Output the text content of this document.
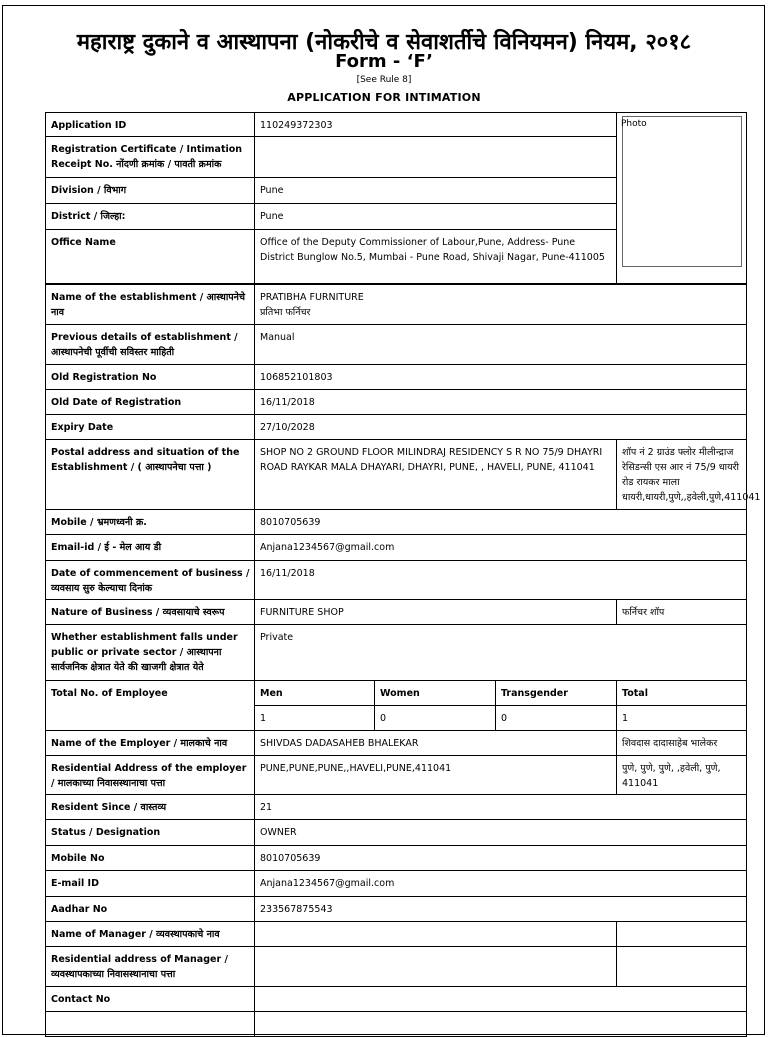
महाराष्ट्र दुकाने व आस्थापना (नोकरीचे व सेवाशर्तीचे विनियमन) नियम, २०१८
Form - ‘F’
[See Rule 8]
APPLICATION FOR INTIMATION
Application ID	110249372303	
Registration Certificate / Intimation Receipt No. नोंदणी क्रमांक / पावती क्रमांक		
Division / विभाग	Pune	
District / जिल्हा:	Pune	
Office Name	Office of the Deputy Commissioner of Labour,Pune, Address- Pune District Bunglow No.5, Mumbai - Pune Road, Shivaji Nagar, Pune-411005	
Photo
Name of the establishment / आस्थापनेचे नाव	PRATIBHA FURNITURE
प्रतिभा फर्निचर			

Previous details of establishment / आस्थापनेची पूर्वीची सविस्तर माहिती	Manual			
Old Registration No	106852101803			
Old Date of Registration	16/11/2018			
Expiry Date	27/10/2028			
Postal address and situation of the Establishment / ( आस्थापनेचा पत्ता )	SHOP NO 2 GROUND FLOOR MILINDRAJ RESIDENCY S R NO 75/9 DHAYRI ROAD RAYKAR MALA DHAYARI, DHAYRI, PUNE, , HAVELI, PUNE, 411041			शॉप नं 2 ग्राउंड फ्लोर मीलीन्द्राज रेसिडन्सी एस आर नं 75/9 धायरी रोड रायकर माला धायरी,धायरी,पुणे,,हवेली,पुणे,411041
Mobile / भ्रमणध्वनी क्र.	8010705639			
Email-id / ई - मेल आय डी	Anjana1234567@gmail.com			
Date of commencement of business / व्यवसाय सुरु केल्याचा दिनांक	16/11/2018			
Nature of Business / व्यवसायाचे स्वरूप	FURNITURE SHOP			फर्निचर शॉप
Whether establishment falls under public or private sector / आस्थापना सार्वजनिक क्षेत्रात येते की खाजगी क्षेत्रात येते	Private			
Total No. of Employee	Men	Women	Transgender	Total
	1	0	0	1
Name of the Employer / मालकाचे नाव	SHIVDAS DADASAHEB BHALEKAR			शिवदास दादासाहेब भालेकर
Residential Address of the employer / मालकाच्या निवासस्थानाचा पत्ता	PUNE,PUNE,PUNE,,HAVELI,PUNE,411041			पुणे, पुणे, पुणे, ,हवेली, पुणे, 411041
Resident Since / वास्तव्य	21			
Status / Designation	OWNER			
Mobile No	8010705639			
E-mail ID	Anjana1234567@gmail.com			
Aadhar No	233567875543			
Name of Manager / व्यवस्थापकाचे नाव				
Residential address of Manager / व्यवस्थापकाच्या निवासस्थानाचा पत्ता				
Contact No				
